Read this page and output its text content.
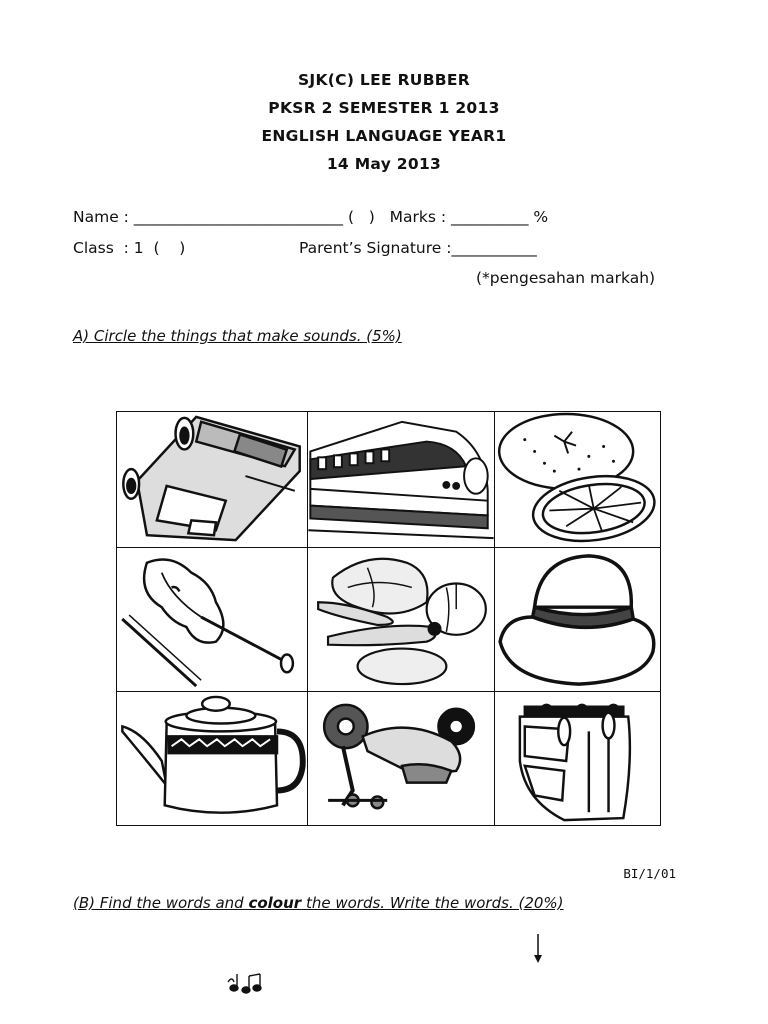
SJK(C) LEE RUBBER
PKSR 2 SEMESTER 1 2013
ENGLISH LANGUAGE YEAR1
14 May 2013
Name : ___________________________ (   )   Marks : __________ %
Class  : 1  (    )	Parent’s Signature :___________
(*pengesahan markah)
A) Circle the things that make sounds. (5%)
BI/1/01
(B) Find the words and colour the words. Write the words. (20%)
